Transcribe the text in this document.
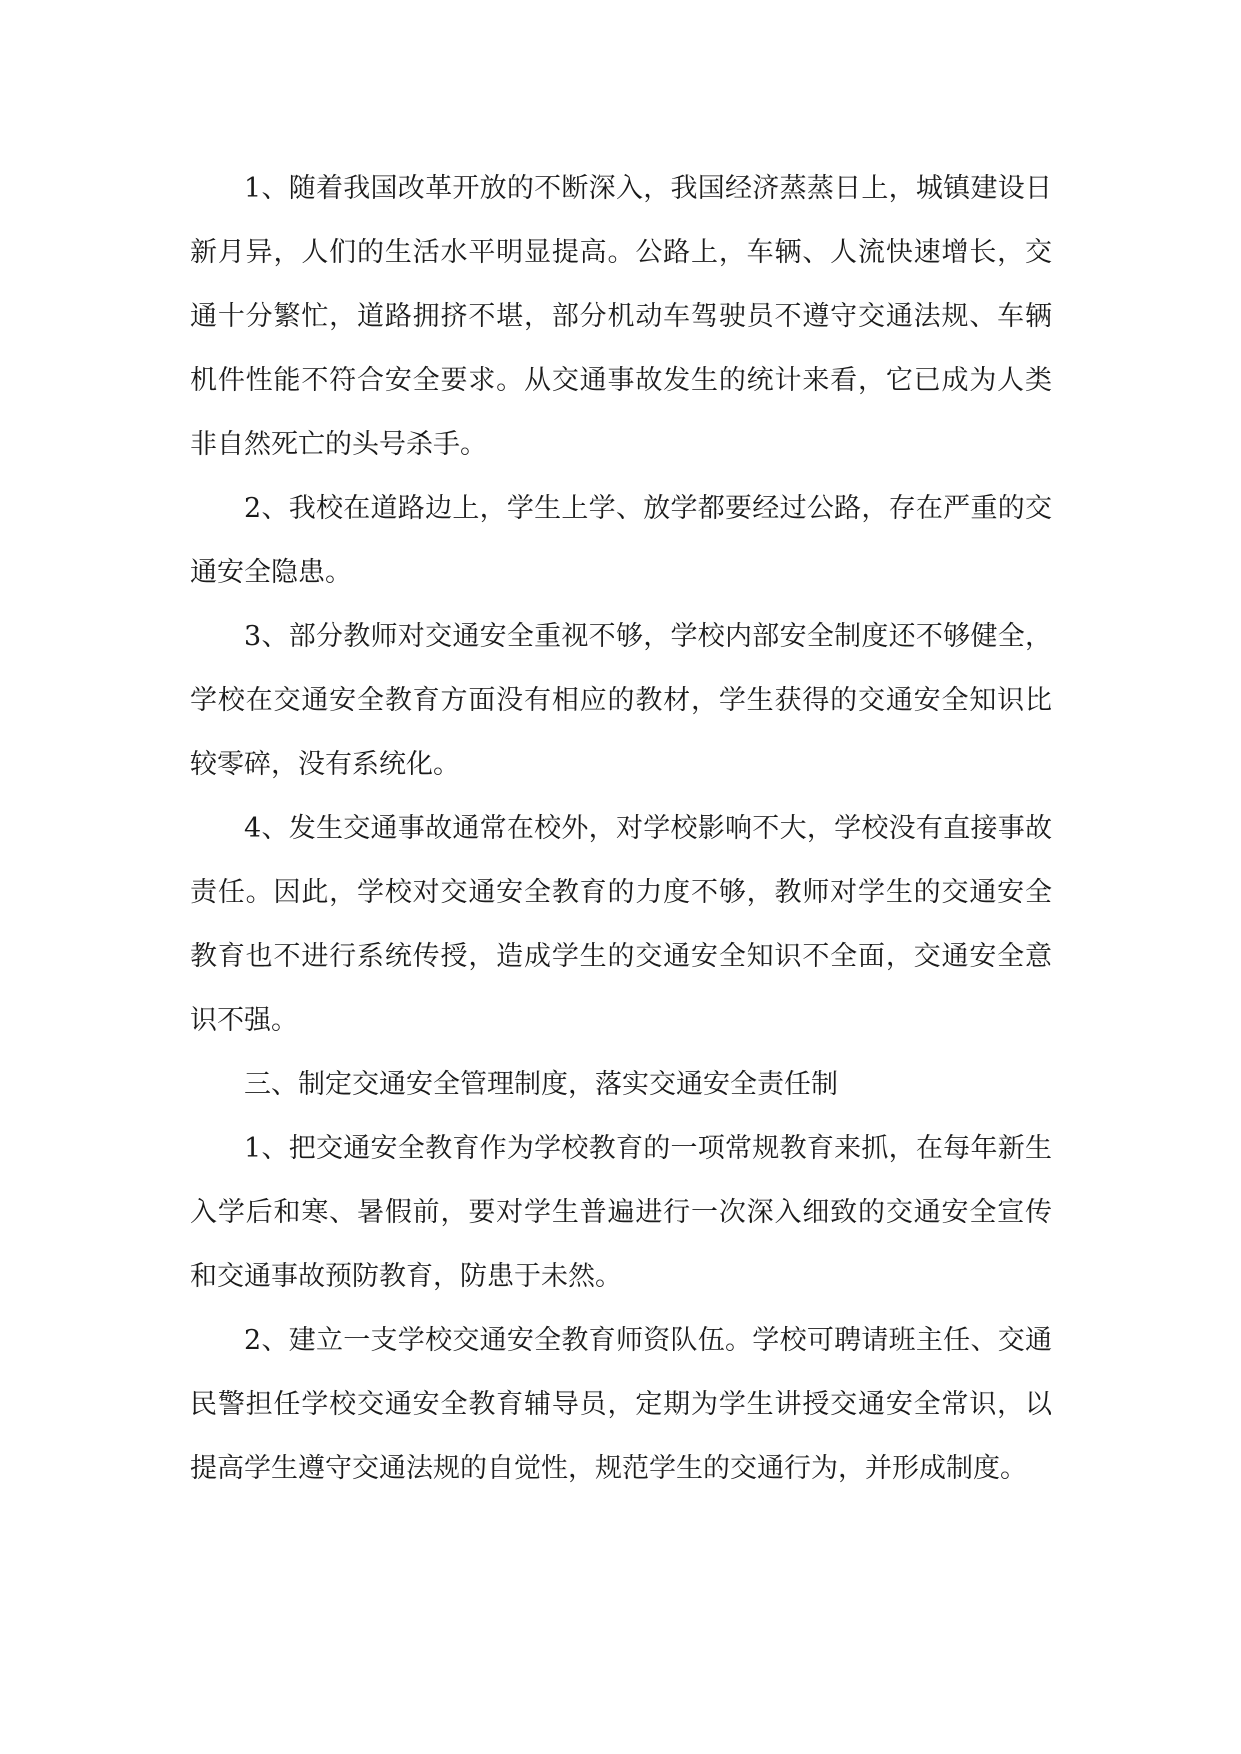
1、随着我国改革开放的不断深入，我国经济蒸蒸日上，城镇建设日新月异，人们的生活水平明显提高。公路上，车辆、人流快速增长，交通十分繁忙，道路拥挤不堪，部分机动车驾驶员不遵守交通法规、车辆机件性能不符合安全要求。从交通事故发生的统计来看，它已成为人类非自然死亡的头号杀手。

2、我校在道路边上，学生上学、放学都要经过公路，存在严重的交通安全隐患。

3、部分教师对交通安全重视不够，学校内部安全制度还不够健全，学校在交通安全教育方面没有相应的教材，学生获得的交通安全知识比较零碎，没有系统化。

4、发生交通事故通常在校外，对学校影响不大，学校没有直接事故责任。因此，学校对交通安全教育的力度不够，教师对学生的交通安全教育也不进行系统传授，造成学生的交通安全知识不全面，交通安全意识不强。

三、制定交通安全管理制度，落实交通安全责任制

1、把交通安全教育作为学校教育的一项常规教育来抓，在每年新生入学后和寒、暑假前，要对学生普遍进行一次深入细致的交通安全宣传和交通事故预防教育，防患于未然。

2、建立一支学校交通安全教育师资队伍。学校可聘请班主任、交通民警担任学校交通安全教育辅导员，定期为学生讲授交通安全常识，以提高学生遵守交通法规的自觉性，规范学生的交通行为，并形成制度。
